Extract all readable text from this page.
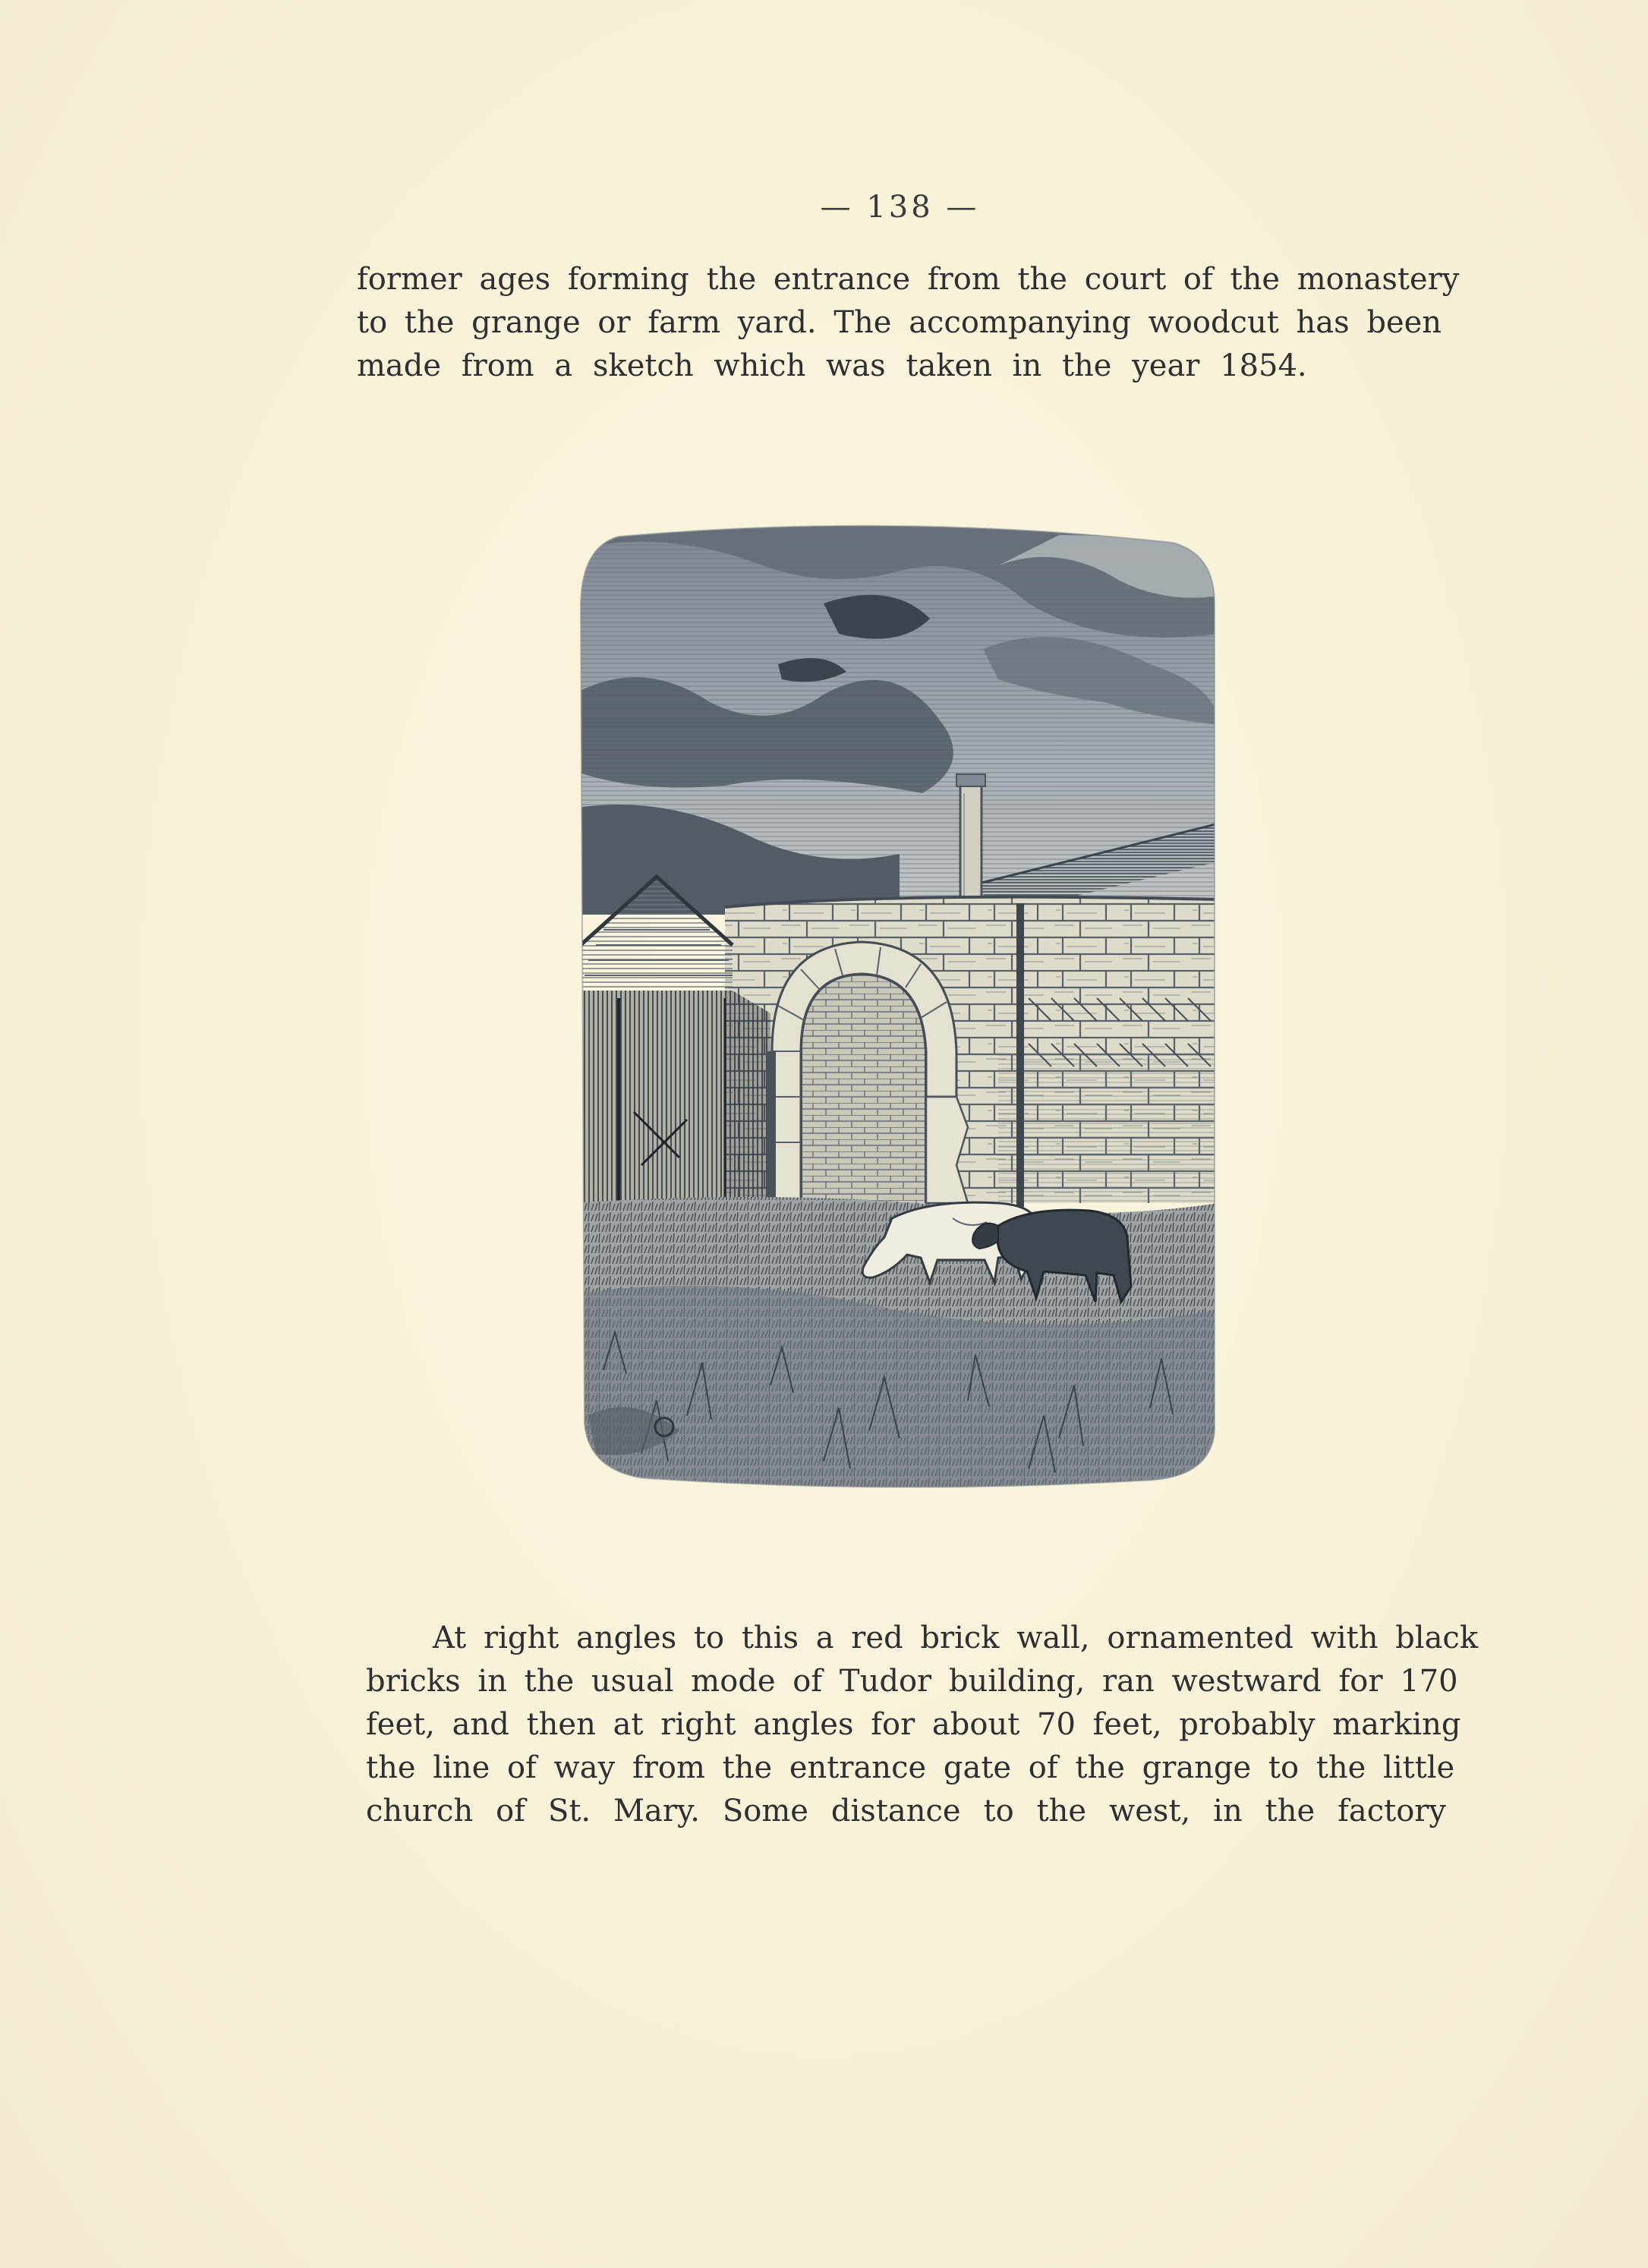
— 138 —
former ages forming the entrance from the court of the monastery
to the grange or farm yard. The accompanying woodcut has been
made from a sketch which was taken in the year 1854.
At right angles to this a red brick wall, ornamented with black
bricks in the usual mode of Tudor building, ran westward for 170
feet, and then at right angles for about 70 feet, probably marking
the line of way from the entrance gate of the grange to the little
church of St. Mary. Some distance to the west, in the factory
